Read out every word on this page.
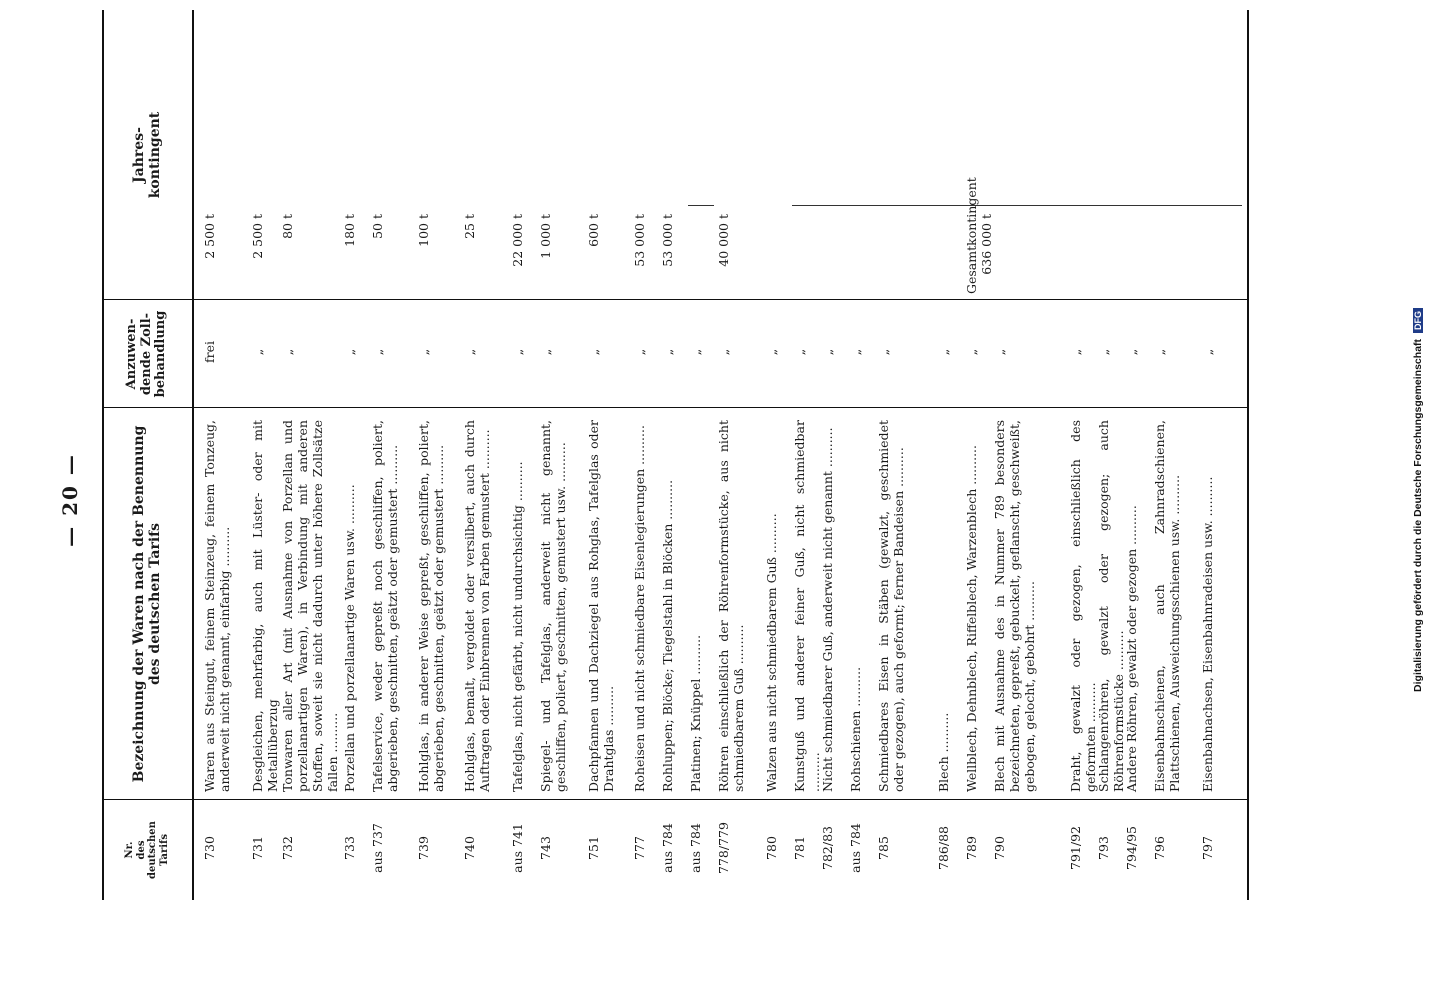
— 20 —
Nr. des deutschen Tarifs
Bezeichnung der Waren nach der Benennung des deutschen Tarifs
Anzuwen- dende Zoll- behandlung
Jahres- kontingent
730
Waren aus Steingut, feinem Steinzeug, feinem Tonzeug, anderweit nicht genannt, einfarbig ..........
frei
2 500 t
731
Desgleichen, mehrfarbig, auch mit Lüster- oder mit Metallüberzug
„
2 500 t
732
Tonwaren aller Art (mit Ausnahme von Porzellan und porzellanartigen Waren), in Verbindung mit anderen Stoffen, soweit sie nicht dadurch unter höhere Zollsätze fallen ..........
„
80 t
733
Porzellan und porzellanartige Waren usw. ..........
„
180 t
aus 737
Tafelservice, weder gepreßt noch geschliffen, poliert, abgerieben, geschnitten, geätzt oder gemustert ..........
„
50 t
739
Hohlglas, in anderer Weise gepreßt, geschliffen, poliert, abgerieben, geschnitten, geätzt oder gemustert ..........
„
100 t
740
Hohlglas, bemalt, vergoldet oder versilbert, auch durch Auftragen oder Einbrennen von Farben gemustert ..........
„
25 t
aus 741
Tafelglas, nicht gefärbt, nicht undurchsichtig ..........
„
22 000 t
743
Spiegel- und Tafelglas, anderweit nicht genannt, geschliffen, poliert, geschnitten, gemustert usw. ..........
„
1 000 t
751
Dachpfannen und Dachziegel aus Rohglas, Tafelglas oder Drahtglas ..........
„
600 t
777
Roheisen und nicht schmiedbare Eisenlegierungen ..........
„
53 000 t
aus 784
Rohluppen; Blöcke; Tiegelstahl in Blöcken ..........
„
53 000 t
aus 784
Platinen; Knüppel ..........
„
778/779
Röhren einschließlich der Röhrenformstücke, aus nicht schmiedbarem Guß ..........
„
40 000 t
780
Walzen aus nicht schmiedbarem Guß ..........
„
781
Kunstguß und anderer feiner Guß, nicht schmiedbar ..........
„
782/83
Nicht schmiedbarer Guß, anderweit nicht genannt ..........
„
aus 784
Rohschienen ..........
„
785
Schmiedbares Eisen in Stäben (gewalzt, geschmiedet oder gezogen), auch geformt; ferner Bandeisen ..........
„
786/88
Blech ..........
„
789
Wellblech, Dehnblech, Riffelblech, Warzenblech ..........
„
Gesamtkontingent 636 000 t
790
Blech mit Ausnahme des in Nummer 789 besonders bezeichneten, gepreßt, gebuckelt, geflanscht, geschweißt, gebogen, gelocht, gebohrt ..........
„
791/92
Draht, gewalzt oder gezogen, einschließlich des geformten ..........
„
793
Schlangenröhren, gewalzt oder gezogen; auch Röhrenformstücke ..........
„
794/95
Andere Röhren, gewalzt oder gezogen ..........
„
796
Eisenbahnschienen, auch Zahnradschienen, Plattschienen, Ausweichungsschienen usw. ..........
„
797
Eisenbahnachsen, Eisenbahnradeisen usw. ..........
„	Digitalisierung gefördert durch die Deutsche Forschungsgemeinschaft DFG
